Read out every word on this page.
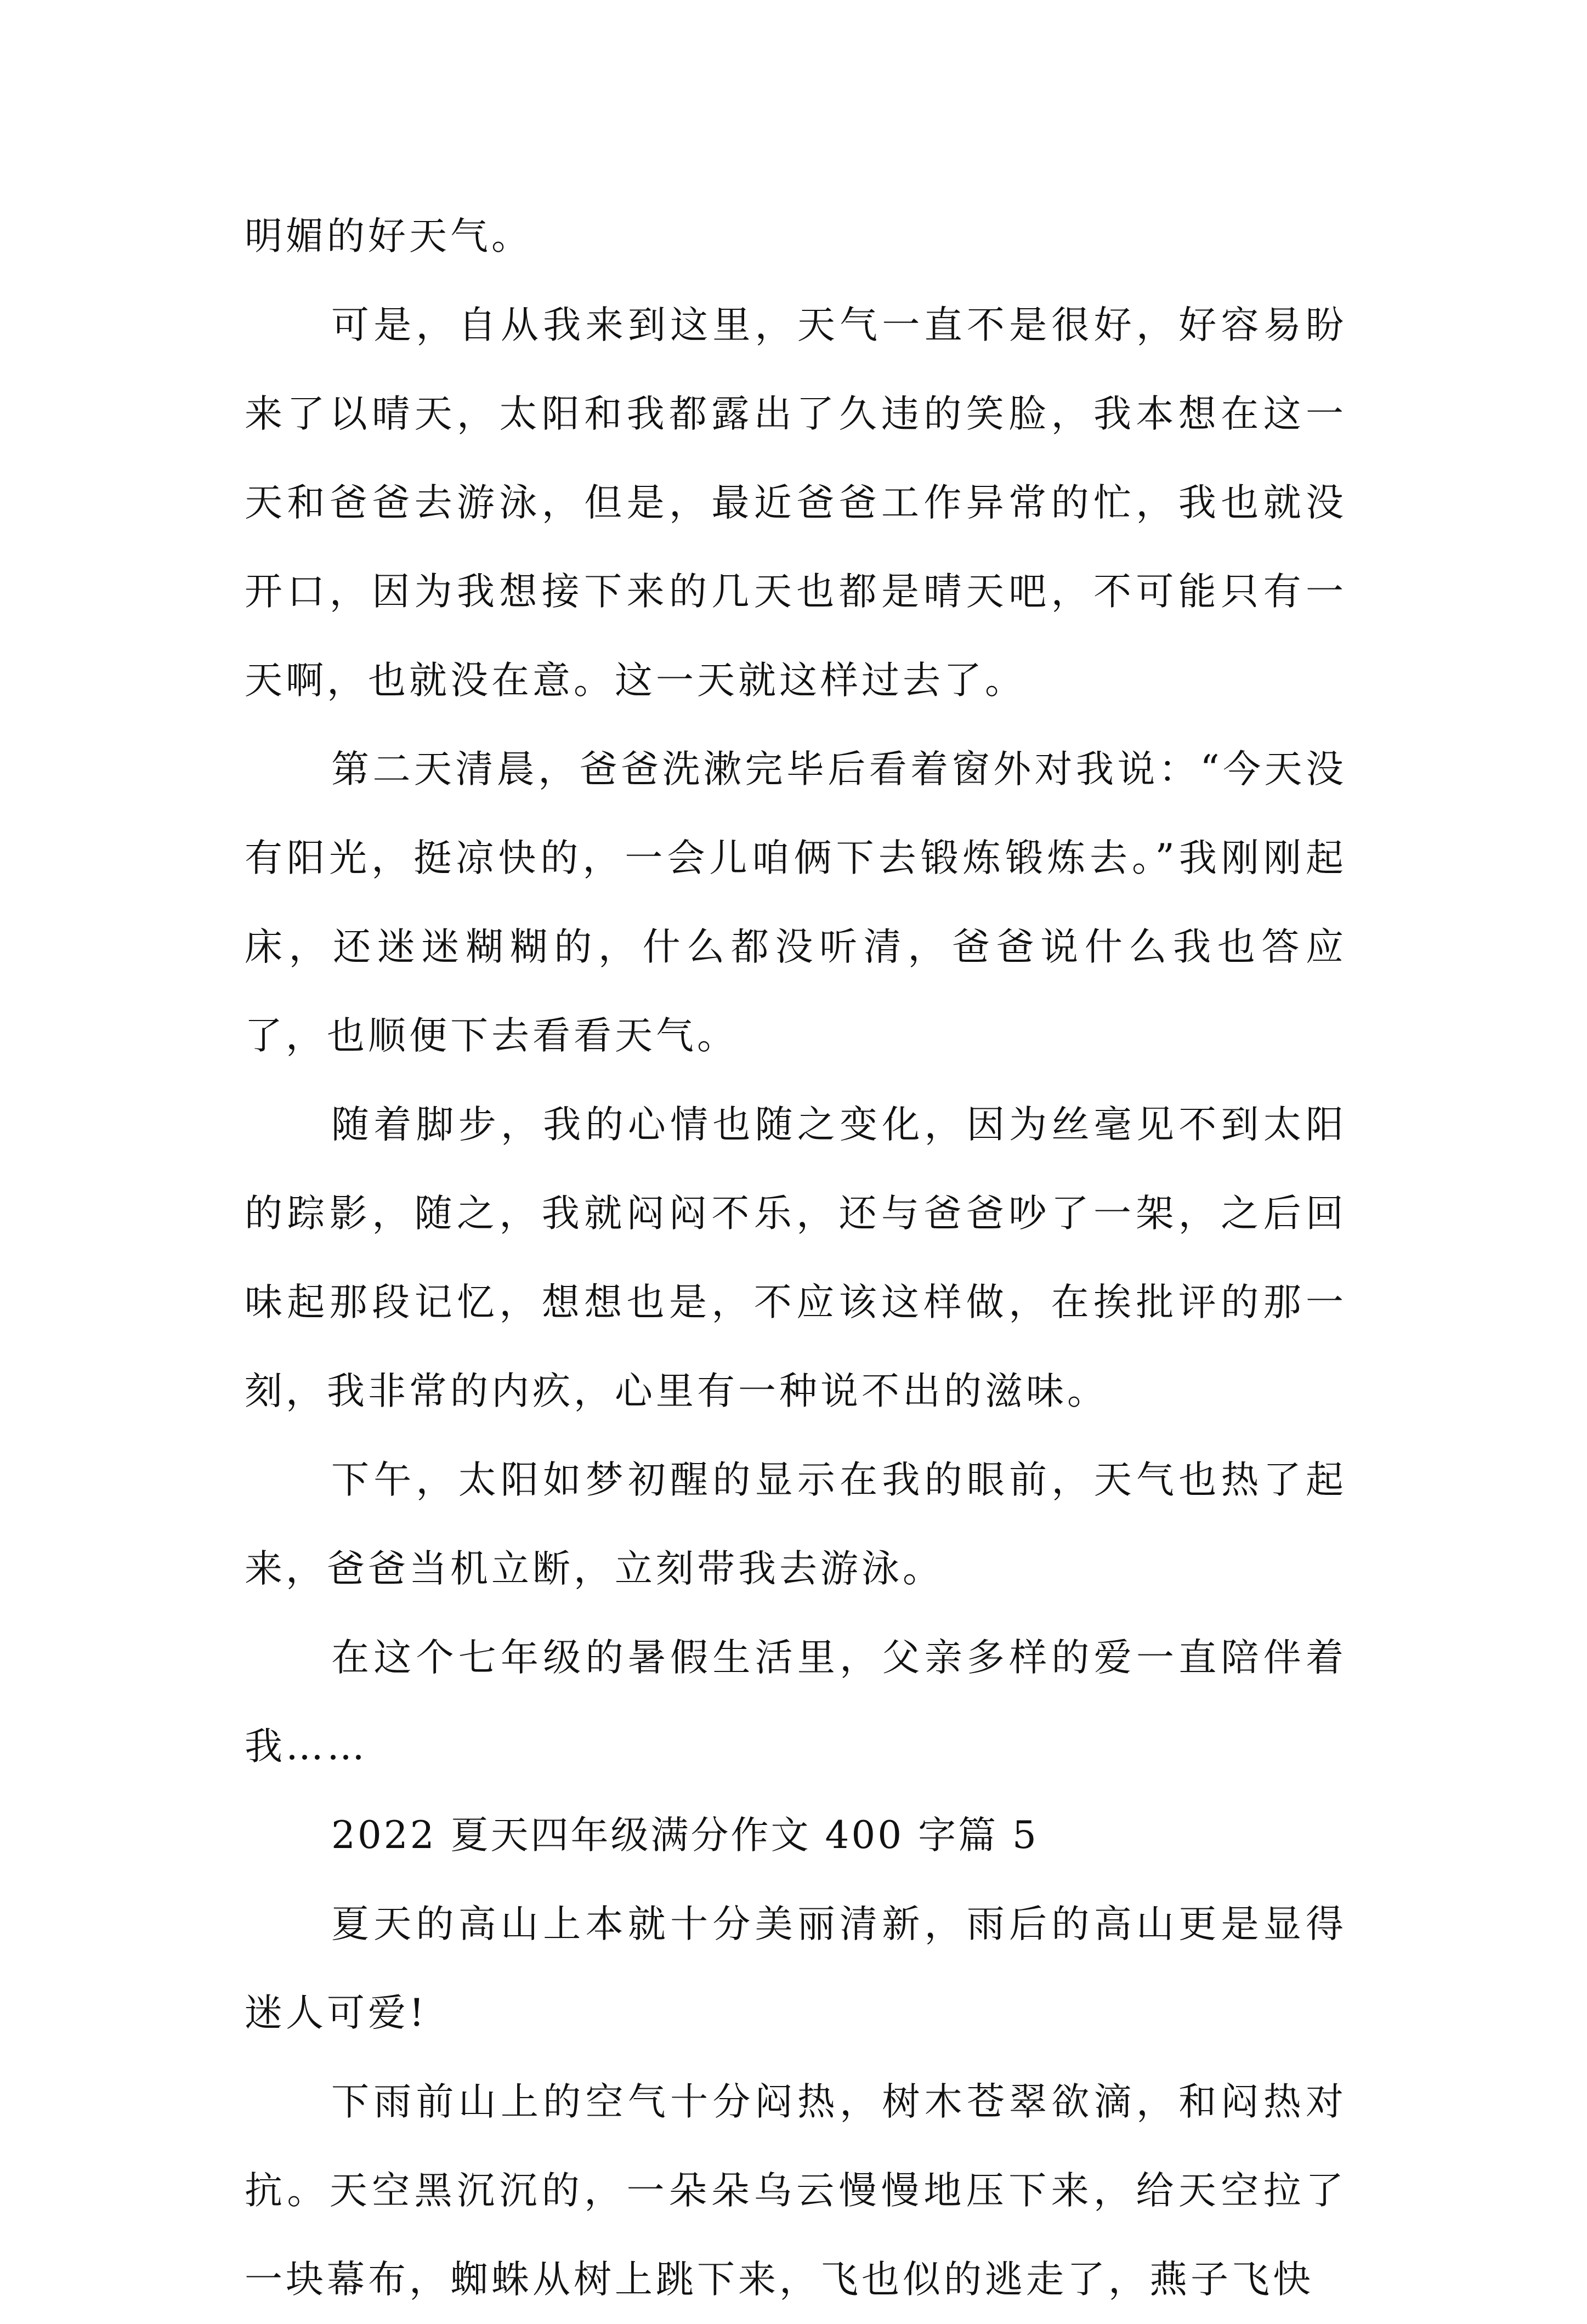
明媚的好天气。

可是，自从我来到这里，天气一直不是很好，好容易盼来了以晴天，太阳和我都露出了久违的笑脸，我本想在这一天和爸爸去游泳，但是，最近爸爸工作异常的忙，我也就没开口，因为我想接下来的几天也都是晴天吧，不可能只有一天啊，也就没在意。这一天就这样过去了。

第二天清晨，爸爸洗漱完毕后看着窗外对我说：“今天没有阳光，挺凉快的，一会儿咱俩下去锻炼锻炼去。”我刚刚起床，还迷迷糊糊的，什么都没听清，爸爸说什么我也答应了，也顺便下去看看天气。

随着脚步，我的心情也随之变化，因为丝毫见不到太阳的踪影，随之，我就闷闷不乐，还与爸爸吵了一架，之后回味起那段记忆，想想也是，不应该这样做，在挨批评的那一刻，我非常的内疚，心里有一种说不出的滋味。

下午，太阳如梦初醒的显示在我的眼前，天气也热了起来，爸爸当机立断，立刻带我去游泳。

在这个七年级的暑假生活里，父亲多样的爱一直陪伴着我……

2022 夏天四年级满分作文 400 字篇 5

夏天的高山上本就十分美丽清新，雨后的高山更是显得迷人可爱!

下雨前山上的空气十分闷热，树木苍翠欲滴，和闷热对抗。天空黑沉沉的，一朵朵乌云慢慢地压下来，给天空拉了一块幕布，蜘蛛从树上跳下来，飞也似的逃走了，燕子飞快
